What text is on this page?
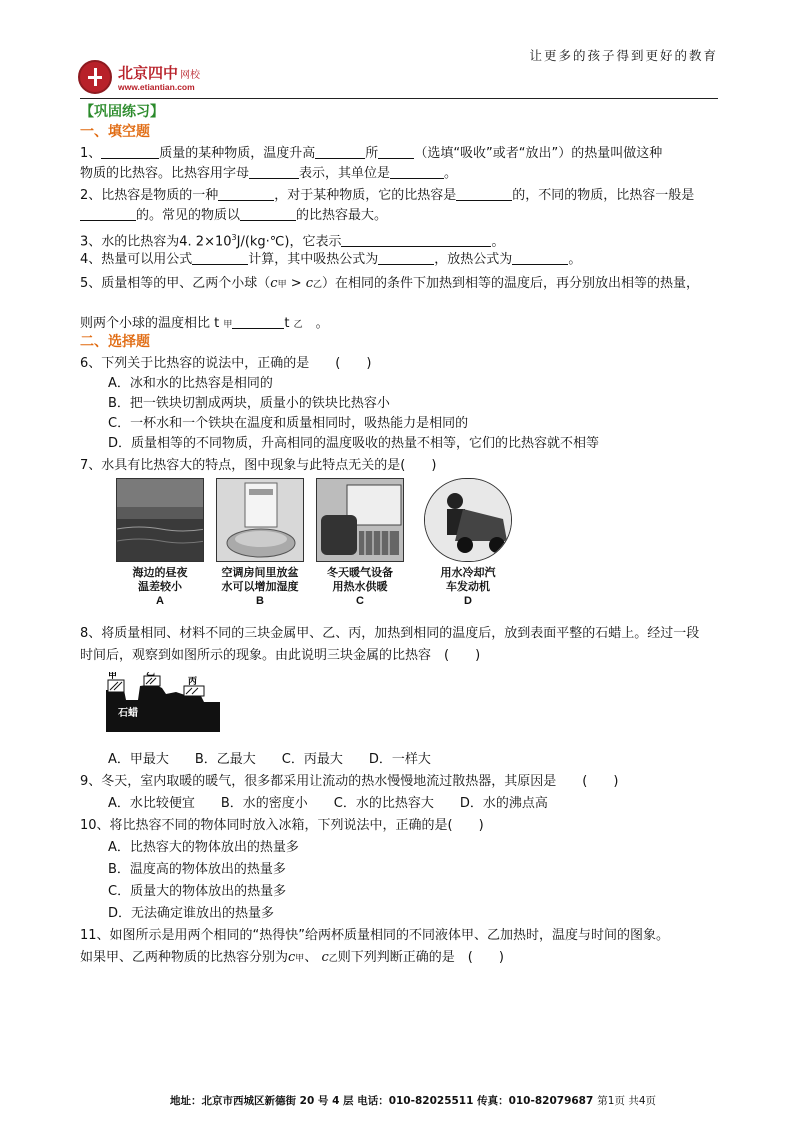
让更多的孩子得到更好的教育
北京四中 网校
www.etiantian.com
【巩固练习】
一、填空题
1、	质量的某种物质，温度升高	所	（选填“吸收”或者“放出”）的热量叫做这种
物质的比热容。比热容用字母	表示，其单位是	。
2、比热容是物质的一种	，对于某种物质，它的比热容是	的，不同的物质，比热容一般是
的。常见的物质以	的比热容最大。
3、水的比热容为4. $2\times 10^3J/(kg\cdot℃)$，它表示	。
4、热量可以用公式	计算，其中吸热公式为	，放热公式为	。
5、质量相等的甲、乙两个小球（c甲 > c乙）在相同的条件下加热到相等的温度后，再分别放出相等的热量，
则两个小球的温度相比 t 甲	t 乙　 。
二、选择题
6、下列关于比热容的说法中，正确的是　　(　　)
A．冰和水的比热容是相同的
B．把一铁块切割成两块，质量小的铁块比热容小
C．一杯水和一个铁块在温度和质量相同时，吸热能力是相同的
D．质量相等的不同物质，升高相同的温度吸收的热量不相等，它们的比热容就不相等
7、水具有比热容大的特点，图中现象与此特点无关的是(　　)
海边的昼夜
温差较小
A
空调房间里放盆
水可以增加湿度
B
冬天暖气设备
用热水供暖
C
用水冷却汽
车发动机
D
8、将质量相同、材料不同的三块金属甲、乙、丙，加热到相同的温度后，放到表面平整的石蜡上。经过一段
时间后，观察到如图所示的现象。由此说明三块金属的比热容　(　　)
甲	乙
丙
石蜡
A．甲最大　　B．乙最大　　C．丙最大　　D．一样大
9、冬天，室内取暖的暖气，很多都采用让流动的热水慢慢地流过散热器，其原因是　　(　　)
A．水比较便宜　　B．水的密度小　　C．水的比热容大　　D．水的沸点高
10、将比热容不同的物体同时放入冰箱，下列说法中，正确的是(　　)
A．比热容大的物体放出的热量多
B．温度高的物体放出的热量多
C．质量大的物体放出的热量多
D．无法确定谁放出的热量多
11、如图所示是用两个相同的“热得快”给两杯质量相同的不同液体甲、乙加热时，温度与时间的图象。
如果甲、乙两种物质的比热容分别为c甲、 c乙则下列判断正确的是　(　　)
地址：北京市西城区新德街 20 号 4 层 电话：010-82025511 传真：010-82079687 第1页 共4页
